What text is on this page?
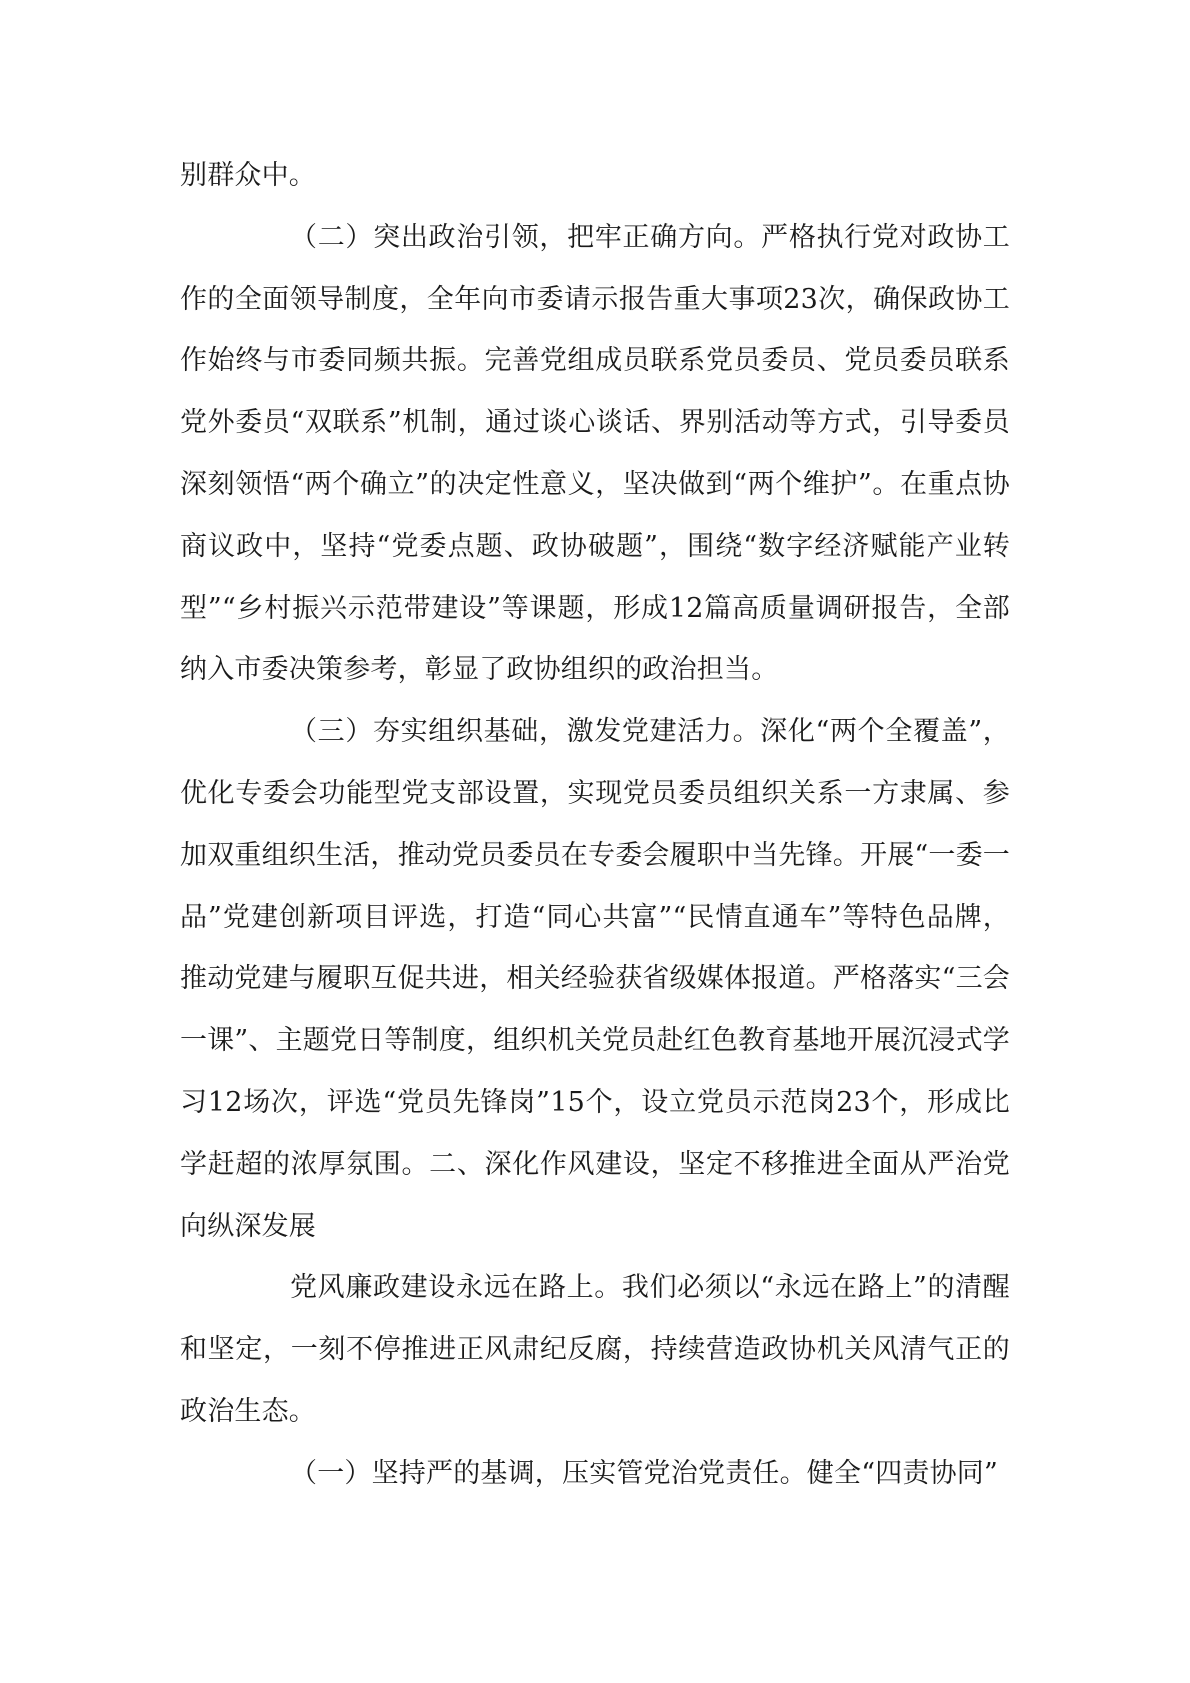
别群众中。

（二）突出政治引领，把牢正确方向。严格执行党对政协工作的全面领导制度，全年向市委请示报告重大事项23次，确保政协工作始终与市委同频共振。完善党组成员联系党员委员、党员委员联系党外委员“双联系”机制，通过谈心谈话、界别活动等方式，引导委员深刻领悟“两个确立”的决定性意义，坚决做到“两个维护”。在重点协商议政中，坚持“党委点题、政协破题”，围绕“数字经济赋能产业转型”“乡村振兴示范带建设”等课题，形成12篇高质量调研报告，全部纳入市委决策参考，彰显了政协组织的政治担当。

（三）夯实组织基础，激发党建活力。深化“两个全覆盖”，优化专委会功能型党支部设置，实现党员委员组织关系一方隶属、参加双重组织生活，推动党员委员在专委会履职中当先锋。开展“一委一品”党建创新项目评选，打造“同心共富”“民情直通车”等特色品牌，推动党建与履职互促共进，相关经验获省级媒体报道。严格落实“三会一课”、主题党日等制度，组织机关党员赴红色教育基地开展沉浸式学习12场次，评选“党员先锋岗”15个，设立党员示范岗23个，形成比学赶超的浓厚氛围。二、深化作风建设，坚定不移推进全面从严治党向纵深发展

党风廉政建设永远在路上。我们必须以“永远在路上”的清醒和坚定，一刻不停推进正风肃纪反腐，持续营造政协机关风清气正的政治生态。

（一）坚持严的基调，压实管党治党责任。健全“四责协同”
